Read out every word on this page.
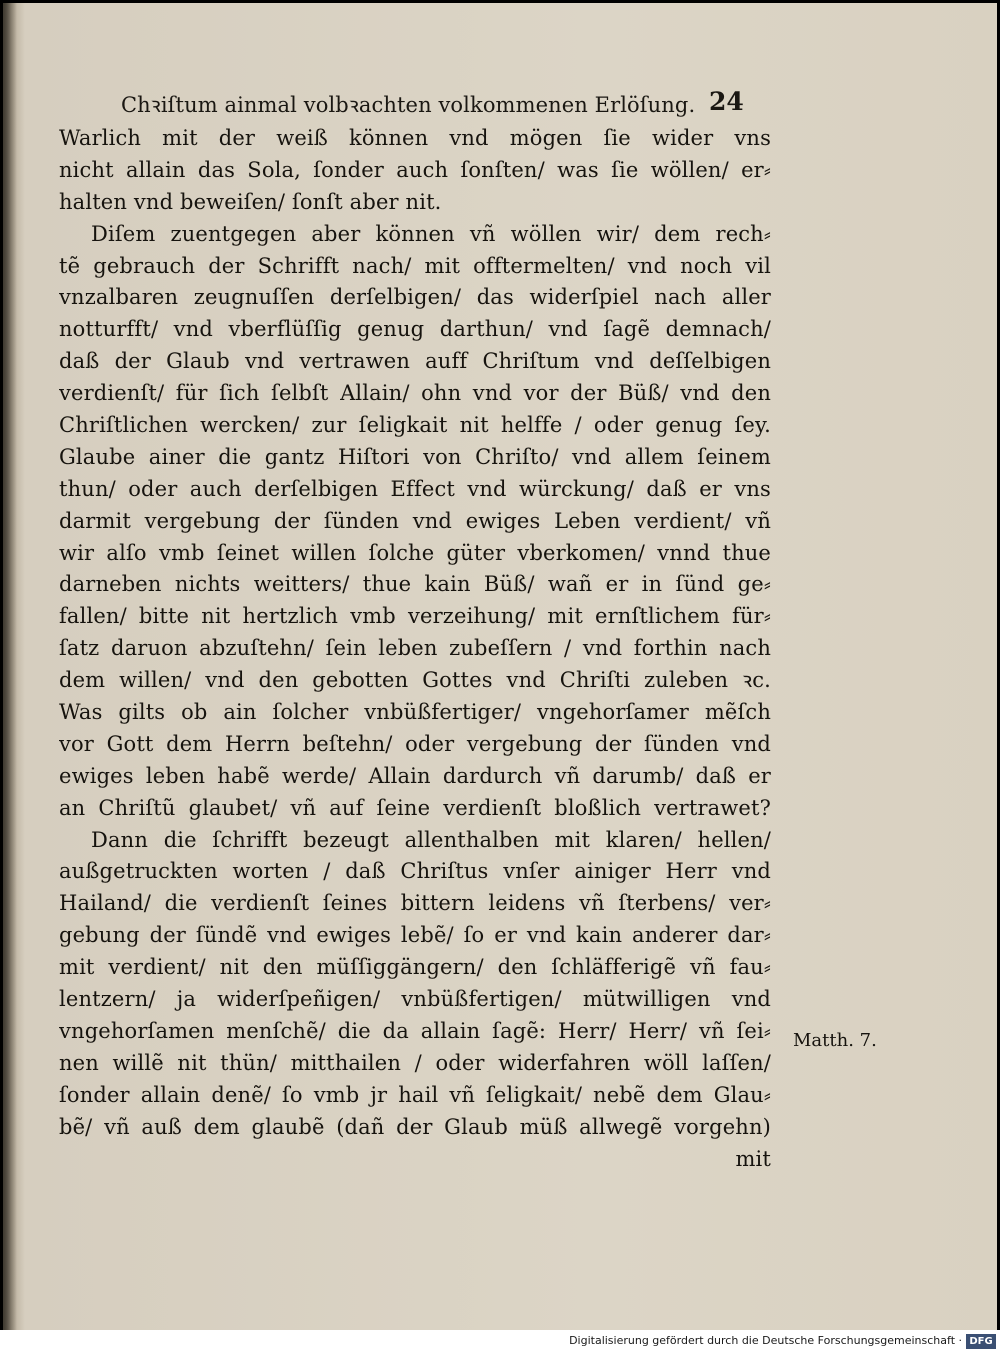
Chꝛiſtum ainmal volbꝛachten volkommenen Erlöſung. 24
Warlich mit der weiß können vnd mögen ſie wider vns
nicht allain das Sola, ſonder auch ſonſten/ was ſie wöllen/ er⸗
halten vnd beweiſen/ ſonſt aber nit.
Diſem zuentgegen aber können vñ wöllen wir/ dem rech⸗
tẽ gebrauch der Schrifft nach/ mit offtermelten/ vnd noch vil
vnzalbaren zeugnuſſen derſelbigen/ das widerſpiel nach aller
notturfft/ vnd vberflüſſig genug darthun/ vnd ſagẽ demnach/
daß der Glaub vnd vertrawen auff Chriſtum vnd deſſelbigen
verdienſt/ für ſich ſelbſt Allain/ ohn vnd vor der Büß/ vnd den
Chriſtlichen wercken/ zur ſeligkait nit helffe / oder genug ſey.
Glaube ainer die gantz Hiſtori von Chriſto/ vnd allem ſeinem
thun/ oder auch derſelbigen Effect vnd würckung/ daß er vns
darmit vergebung der ſünden vnd ewiges Leben verdient/ vñ
wir alſo vmb ſeinet willen ſolche güter vberkomen/ vnnd thue
darneben nichts weitters/ thue kain Büß/ wañ er in ſünd ge⸗
fallen/ bitte nit hertzlich vmb verzeihung/ mit ernſtlichem für⸗
ſatz daruon abzuſtehn/ ſein leben zubeſſern / vnd forthin nach
dem willen/ vnd den gebotten Gottes vnd Chriſti zuleben ꝛc.
Was gilts ob ain ſolcher vnbüßfertiger/ vngehorſamer mẽſch
vor Gott dem Herrn beſtehn/ oder vergebung der ſünden vnd
ewiges leben habẽ werde/ Allain dardurch vñ darumb/ daß er
an Chriſtũ glaubet/ vñ auf ſeine verdienſt bloßlich vertrawet?
Dann die ſchrifft bezeugt allenthalben mit klaren/ hellen/
außgetruckten worten / daß Chriſtus vnſer ainiger Herr vnd
Hailand/ die verdienſt ſeines bittern leidens vñ ſterbens/ ver⸗
gebung der ſündẽ vnd ewiges lebẽ/ ſo er vnd kain anderer dar⸗
mit verdient/ nit den müſſiggängern/ den ſchläfferigẽ vñ fau⸗
lentzern/ ja widerſpeñigen/ vnbüßfertigen/ mütwilligen vnd
vngehorſamen menſchẽ/ die da allain ſagẽ: Herr/ Herr/ vñ ſei⸗
nen willẽ nit thün/ mitthailen / oder widerfahren wöll laſſen/
ſonder allain denẽ/ ſo vmb jr hail vñ ſeligkait/ nebẽ dem Glau⸗
bẽ/ vñ auß dem glaubẽ (dañ der Glaub müß allwegẽ vorgehn)
mit
Matth. 7.
Digitalisierung gefördert durch die Deutsche Forschungsgemeinschaft · DFG
